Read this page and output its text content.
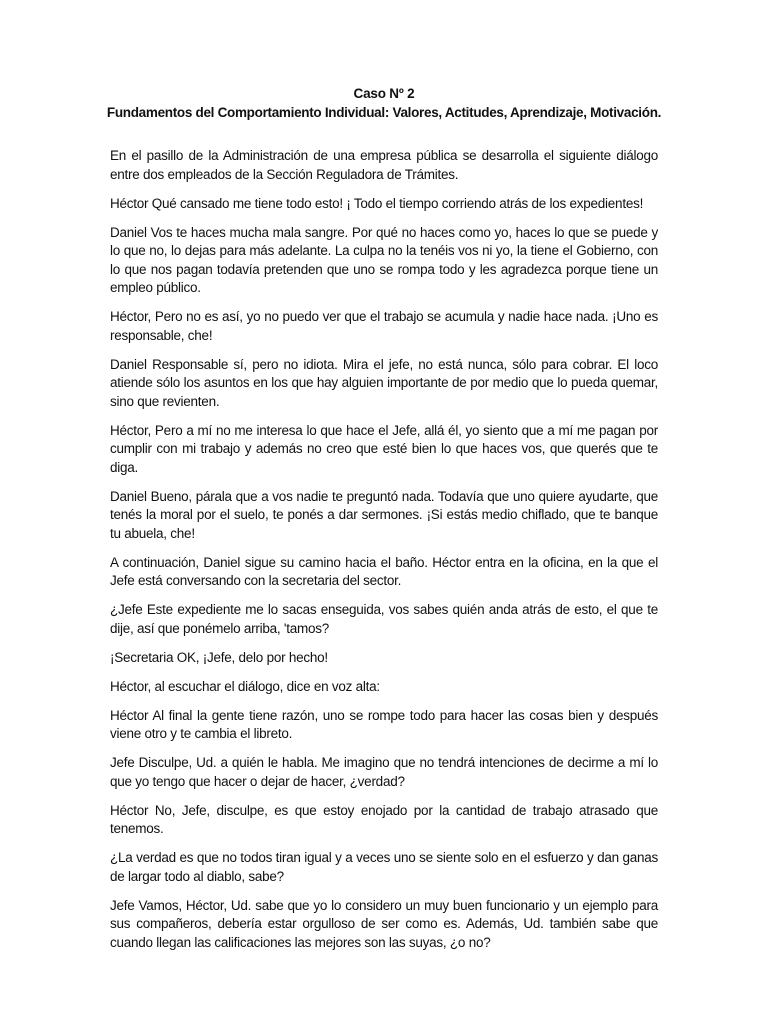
Caso Nº 2

Fundamentos del Comportamiento Individual: Valores, Actitudes, Aprendizaje, Motivación.

En el pasillo de la Administración de una empresa pública se desarrolla el siguiente diálogo entre dos empleados de la Sección Reguladora de Trámites.

Héctor Qué cansado me tiene todo esto! ¡ Todo el tiempo corriendo atrás de los expedientes!

Daniel Vos te haces mucha mala sangre. Por qué no haces como yo, haces lo que se puede y lo que no, lo dejas para más adelante. La culpa no la tenéis vos ni yo, la tiene el Gobierno, con lo que nos pagan todavía pretenden que uno se rompa todo y les agradezca porque tiene un empleo público.

Héctor, Pero no es así, yo no puedo ver que el trabajo se acumula y nadie hace nada. ¡Uno es responsable, che!

Daniel Responsable sí, pero no idiota. Mira el jefe, no está nunca, sólo para cobrar. El loco atiende sólo los asuntos en los que hay alguien importante de por medio que lo pueda quemar, sino que revienten.

Héctor, Pero a mí no me interesa lo que hace el Jefe, allá él, yo siento que a mí me pagan por cumplir con mi trabajo y además no creo que esté bien lo que haces vos, que querés que te diga.

Daniel Bueno, párala que a vos nadie te preguntó nada. Todavía que uno quiere ayudarte, que tenés la moral por el suelo, te ponés a dar sermones. ¡Si estás medio chiflado, que te banque tu abuela, che!

A continuación, Daniel sigue su camino hacia el baño. Héctor entra en la oficina, en la que el Jefe está conversando con la secretaria del sector.

¿Jefe Este expediente me lo sacas enseguida, vos sabes quién anda atrás de esto, el que te dije, así que ponémelo arriba, 'tamos?

¡Secretaria OK, ¡Jefe, delo por hecho!

Héctor, al escuchar el diálogo, dice en voz alta:

Héctor Al final la gente tiene razón, uno se rompe todo para hacer las cosas bien y después viene otro y te cambia el libreto.

Jefe Disculpe, Ud. a quién le habla. Me imagino que no tendrá intenciones de decirme a mí lo que yo tengo que hacer o dejar de hacer, ¿verdad?

Héctor No, Jefe, disculpe, es que estoy enojado por la cantidad de trabajo atrasado que tenemos.

¿La verdad es que no todos tiran igual y a veces uno se siente solo en el esfuerzo y dan ganas de largar todo al diablo, sabe?

Jefe Vamos, Héctor, Ud. sabe que yo lo considero un muy buen funcionario y un ejemplo para sus compañeros, debería estar orgulloso de ser como es. Además, Ud. también sabe que cuando llegan las calificaciones las mejores son las suyas, ¿o no?
